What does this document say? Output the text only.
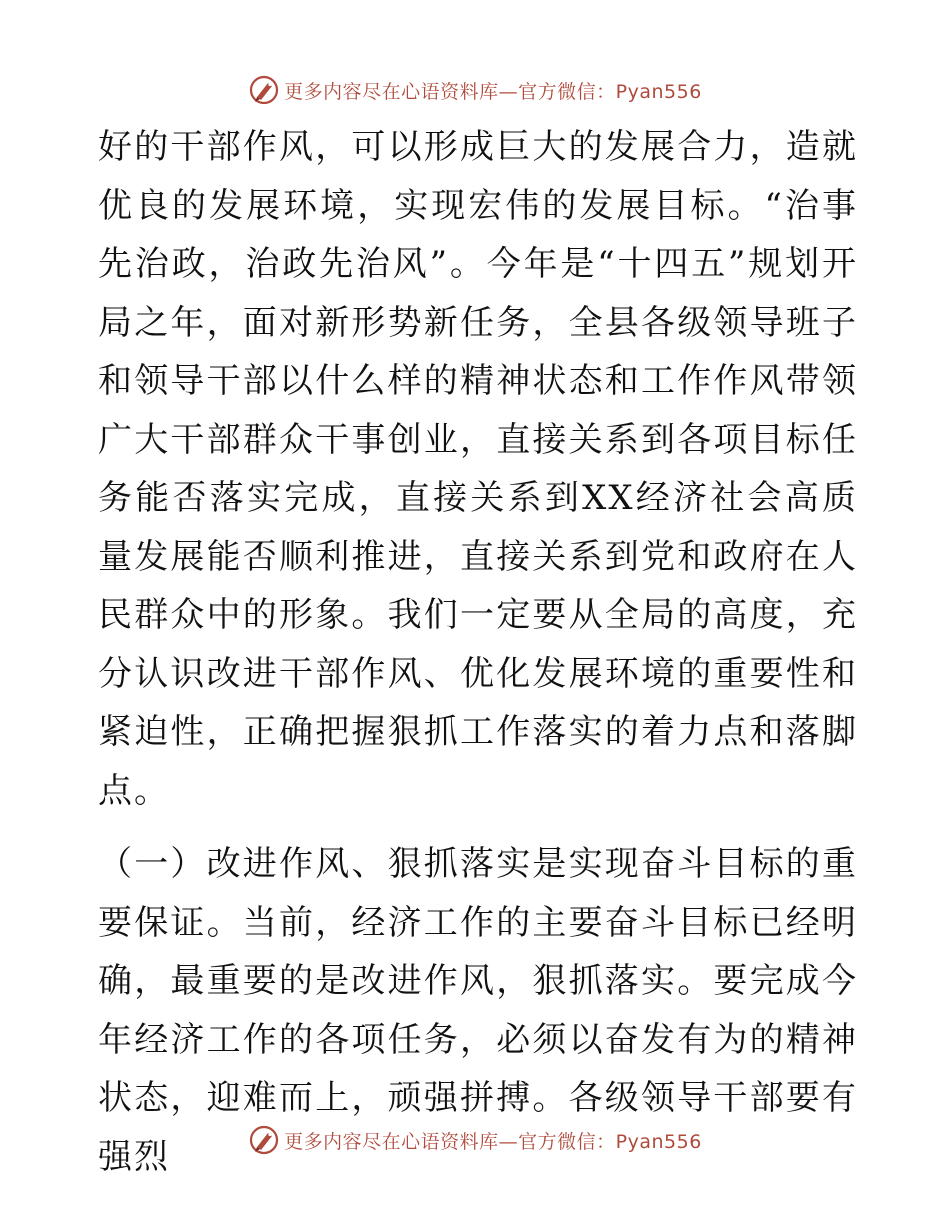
更多内容尽在心语资料库—官方微信：Pyan556

好的干部作风，可以形成巨大的发展合力，造就优良的发展环境，实现宏伟的发展目标。“治事先治政，治政先治风”。今年是“十四五”规划开局之年，面对新形势新任务，全县各级领导班子和领导干部以什么样的精神状态和工作作风带领广大干部群众干事创业，直接关系到各项目标任务能否落实完成，直接关系到XX经济社会高质量发展能否顺利推进，直接关系到党和政府在人民群众中的形象。我们一定要从全局的高度，充分认识改进干部作风、优化发展环境的重要性和紧迫性，正确把握狠抓工作落实的着力点和落脚点。

（一）改进作风、狠抓落实是实现奋斗目标的重要保证。当前，经济工作的主要奋斗目标已经明确，最重要的是改进作风，狠抓落实。要完成今年经济工作的各项任务，必须以奋发有为的精神状态，迎难而上，顽强拼搏。各级领导干部要有强烈	更多内容尽在心语资料库—官方微信：Pyan556
